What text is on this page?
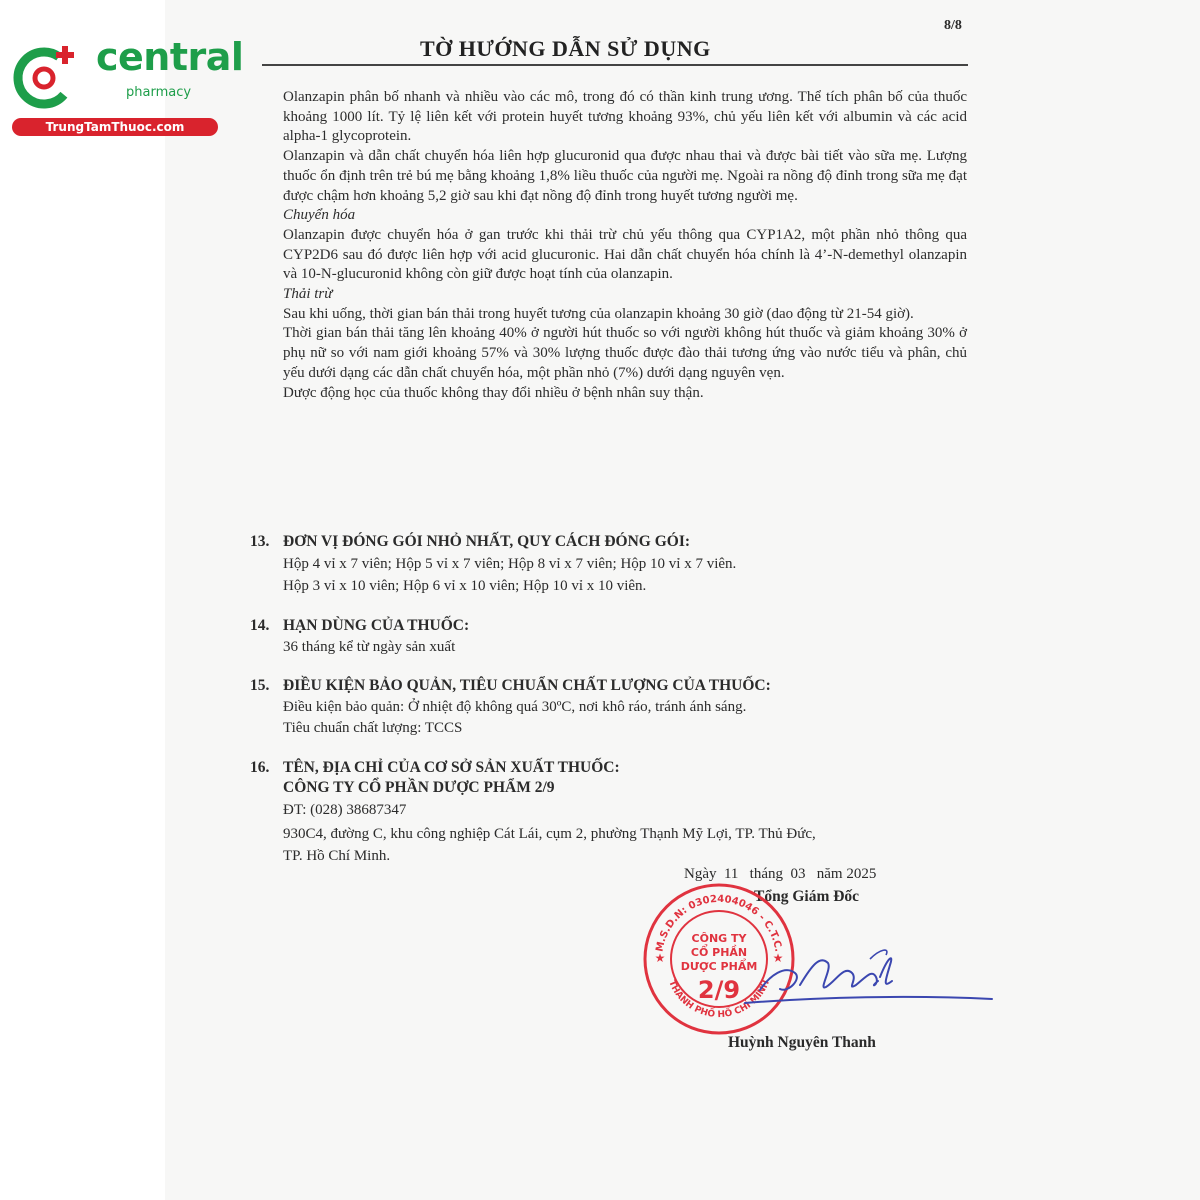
central
pharmacy
TrungTamThuoc.com
8/8
TỜ HƯỚNG DẪN SỬ DỤNG

Olanzapin phân bố nhanh và nhiều vào các mô, trong đó có thần kinh trung ương. Thể tích phân bố của thuốc khoảng 1000 lít. Tỷ lệ liên kết với protein huyết tương khoảng 93%, chủ yếu liên kết với albumin và các acid alpha-1 glycoprotein.

Olanzapin và dẫn chất chuyển hóa liên hợp glucuronid qua được nhau thai và được bài tiết vào sữa mẹ. Lượng thuốc ổn định trên trẻ bú mẹ bằng khoảng 1,8% liều thuốc của người mẹ. Ngoài ra nồng độ đỉnh trong sữa mẹ đạt được chậm hơn khoảng 5,2 giờ sau khi đạt nồng độ đỉnh trong huyết tương người mẹ.

Chuyển hóa

Olanzapin được chuyển hóa ở gan trước khi thải trừ chủ yếu thông qua CYP1A2, một phần nhỏ thông qua CYP2D6 sau đó được liên hợp với acid glucuronic. Hai dẫn chất chuyển hóa chính là 4’-N-demethyl olanzapin và 10-N-glucuronid không còn giữ được hoạt tính của olanzapin.

Thải trừ

Sau khi uống, thời gian bán thải trong huyết tương của olanzapin khoảng 30 giờ (dao động từ 21-54 giờ).

Thời gian bán thải tăng lên khoảng 40% ở người hút thuốc so với người không hút thuốc và giảm khoảng 30% ở phụ nữ so với nam giới khoảng 57% và 30% lượng thuốc được đào thải tương ứng vào nước tiểu và phân, chủ yếu dưới dạng các dẫn chất chuyển hóa, một phần nhỏ (7%) dưới dạng nguyên vẹn.

Dược động học của thuốc không thay đổi nhiều ở bệnh nhân suy thận.

13. ĐƠN VỊ ĐÓNG GÓI NHỎ NHẤT, QUY CÁCH ĐÓNG GÓI:
Hộp 4 vỉ x 7 viên; Hộp 5 vỉ x 7 viên; Hộp 8 vỉ x 7 viên; Hộp 10 vỉ x 7 viên.
Hộp 3 vỉ x 10 viên; Hộp 6 vỉ x 10 viên; Hộp 10 vỉ x 10 viên.
14. HẠN DÙNG CỦA THUỐC:
36 tháng kể từ ngày sản xuất
15. ĐIỀU KIỆN BẢO QUẢN, TIÊU CHUẨN CHẤT LƯỢNG CỦA THUỐC:
Điều kiện bảo quản: Ở nhiệt độ không quá 30ºC, nơi khô ráo, tránh ánh sáng.
Tiêu chuẩn chất lượng: TCCS
16. TÊN, ĐỊA CHỈ CỦA CƠ SỞ SẢN XUẤT THUỐC:
CÔNG TY CỔ PHẦN DƯỢC PHẨM 2/9
ĐT: (028) 38687347
930C4, đường C, khu công nghiệp Cát Lái, cụm 2, phường Thạnh Mỹ Lợi, TP. Thủ Đức,
TP. Hồ Chí Minh.
Ngày  11   tháng  03   năm 2025
Tổng Giám Đốc
M.S.D.N: 0302404046 - C.T.C.
THÀNH PHỐ HỒ CHÍ MINH
CÔNG TY
CỔ PHẦN
DƯỢC PHẨM
2/9
★	★
Huỳnh Nguyên Thanh
